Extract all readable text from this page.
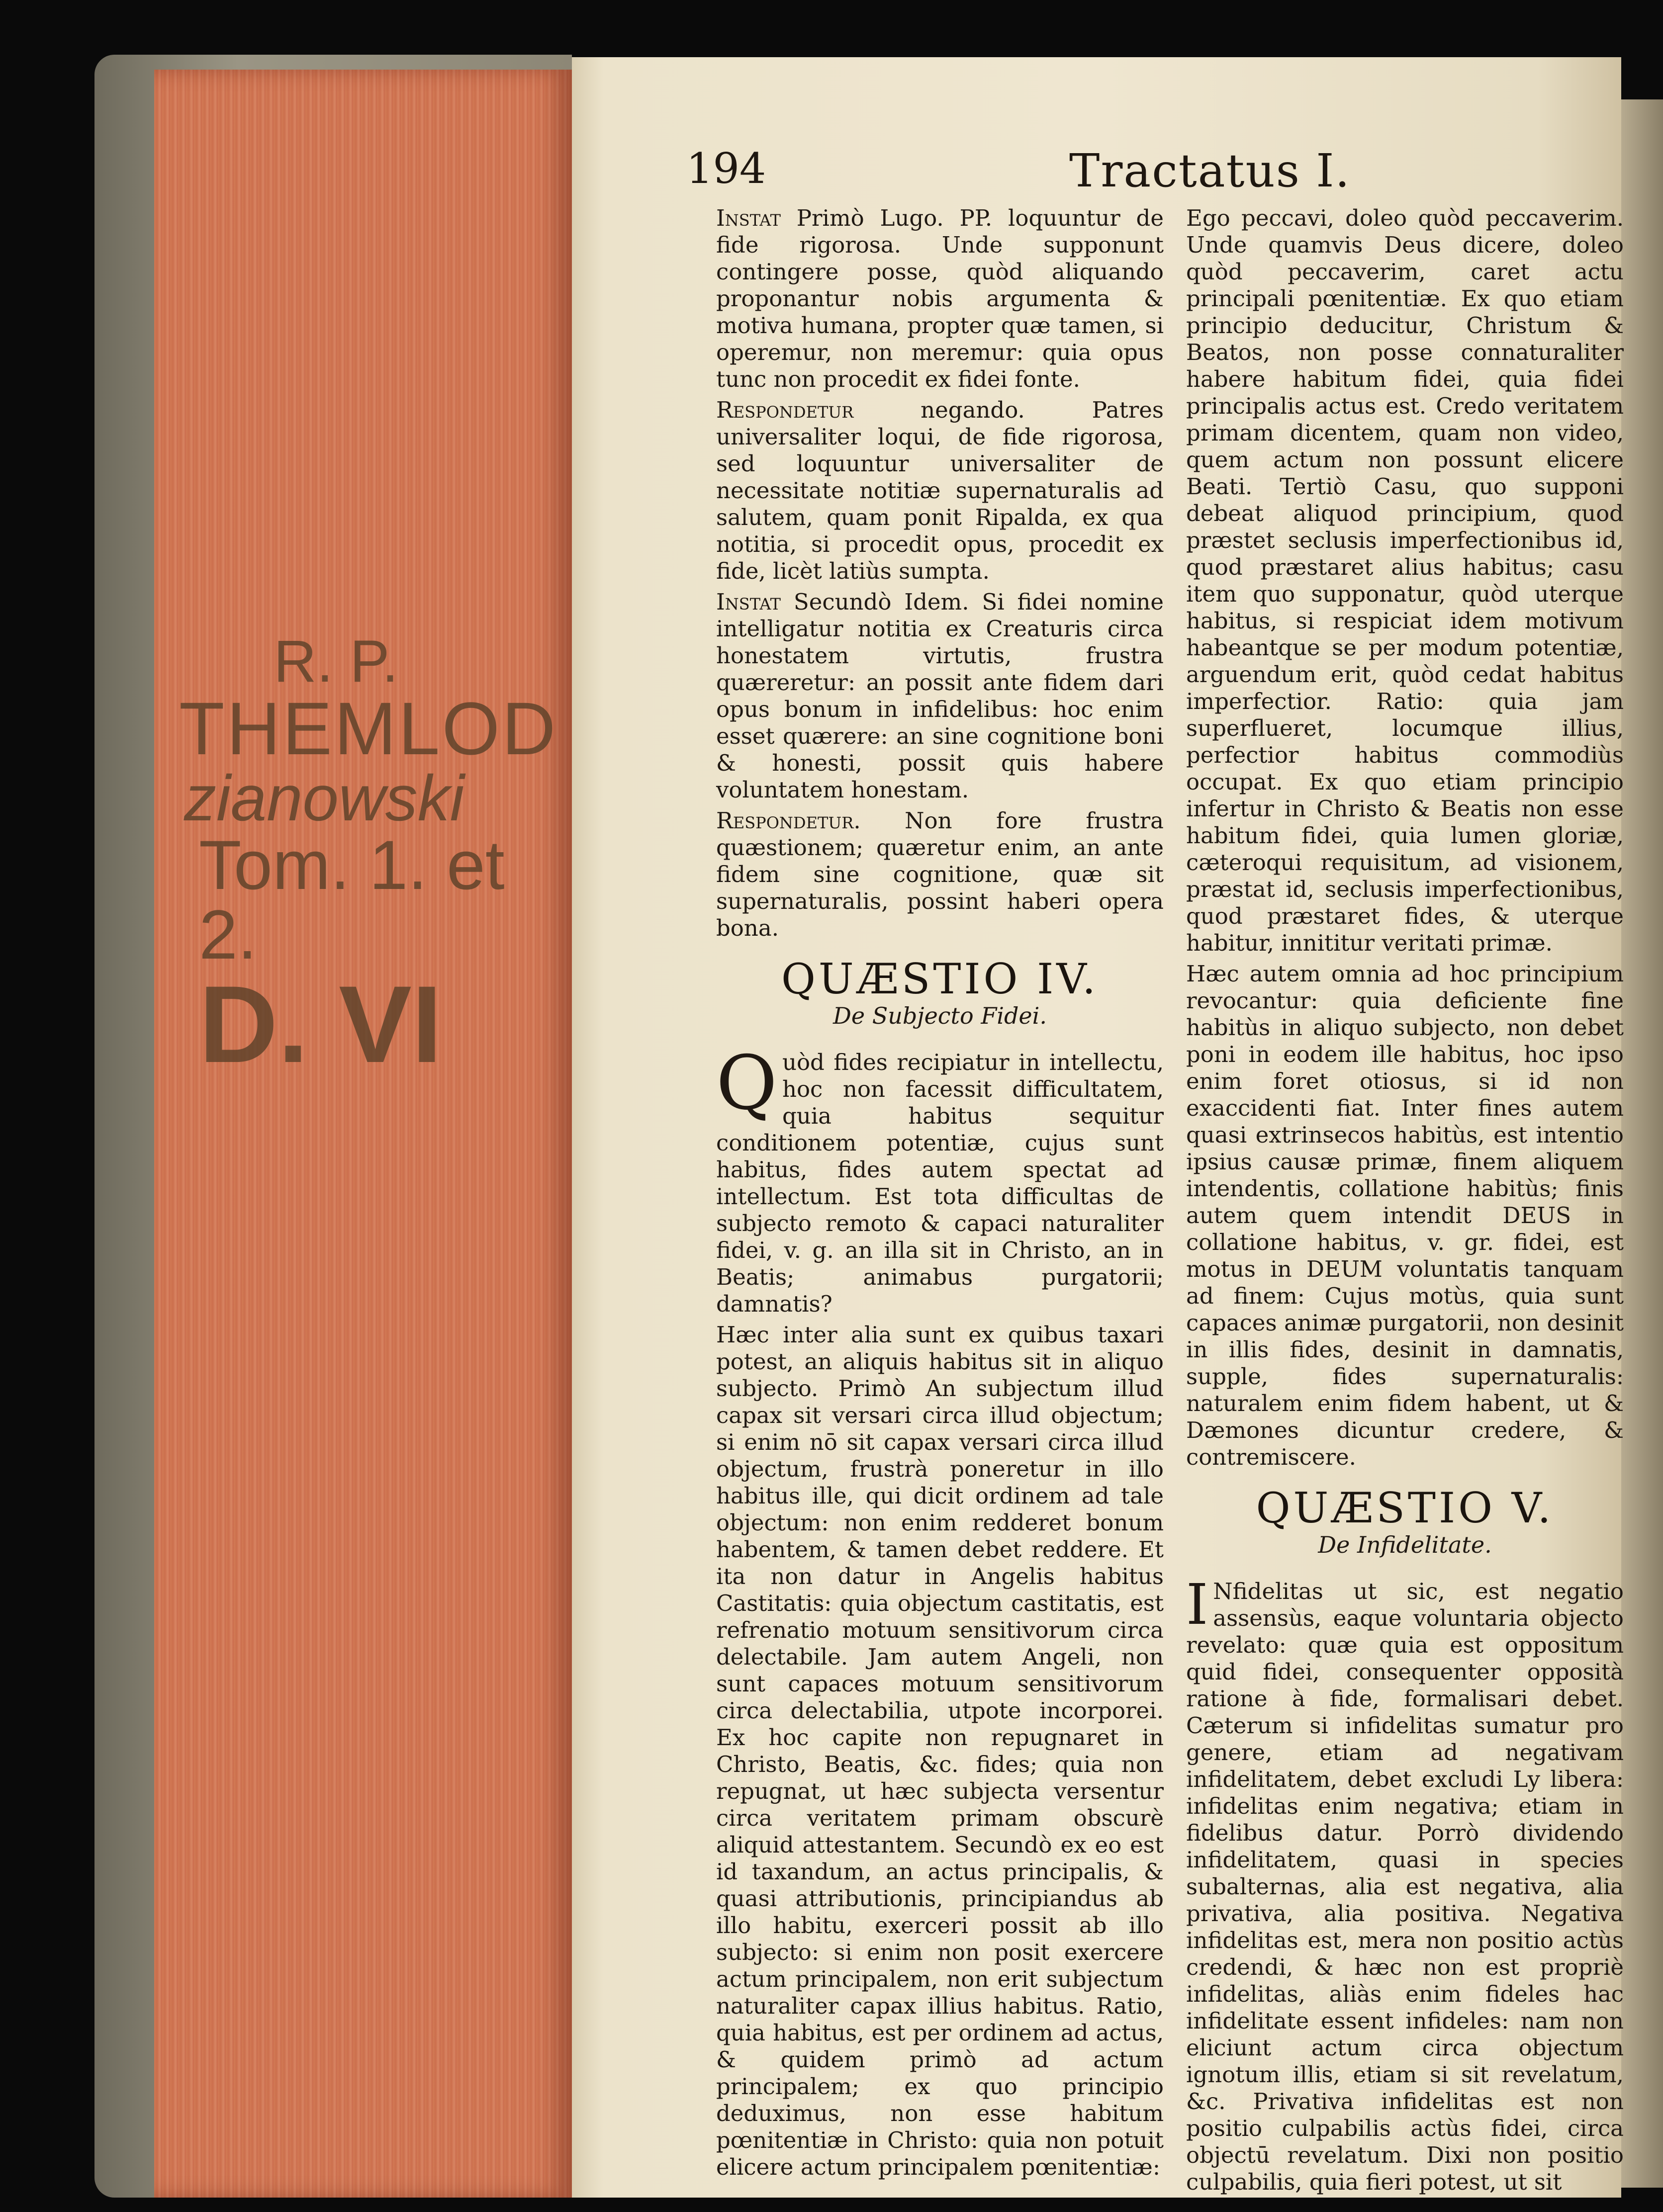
R. P.
THEMLOD
zianowski
Tom. 1. et 2.
D. VI
194	Tractatus I.

Instat Primò Lugo. PP. loquuntur de fide rigorosa. Unde supponunt contingere posse, quòd aliquando proponantur nobis argumenta & motiva humana, propter quæ tamen, si operemur, non meremur: quia opus tunc non procedit ex fidei fonte.

Respondetur	negando. Patres universaliter loqui, de fide rigorosa, sed loquuntur universaliter de necessitate notitiæ supernaturalis ad salutem, quam ponit Ripalda, ex qua notitia, si procedit opus, procedit ex fide, licèt latiùs sumpta.

Instat Secundò Idem. Si fidei nomine intelligatur notitia ex Creaturis circa honestatem virtutis, frustra quæreretur: an possit ante fidem dari opus bonum in infidelibus: hoc enim esset quærere: an sine cognitione boni & honesti, possit quis habere voluntatem honestam.

Respondetur. Non fore frustra quæstionem; quæretur enim, an ante fidem sine cognitione, quæ sit supernaturalis, possint haberi opera bona.

QUÆSTIO IV.
De Subjecto Fidei.

Quòd fides recipiatur in intellectu, hoc non facessit difficultatem, quia habitus sequitur conditionem potentiæ, cujus sunt habitus, fides autem spectat ad intellectum. Est tota difficultas de subjecto remoto & capaci naturaliter fidei, v. g. an illa sit in Christo, an in Beatis; animabus purgatorii; damnatis?

Hæc inter alia sunt ex quibus taxari potest, an aliquis habitus sit in aliquo subjecto. Primò An subjectum illud capax sit versari circa illud objectum; si enim nō sit capax versari circa illud objectum, frustrà poneretur in illo habitus ille, qui dicit ordinem ad tale objectum: non enim redderet bonum habentem, & tamen debet reddere. Et ita non datur in Angelis habitus Castitatis: quia objectum castitatis, est refrenatio motuum sensitivorum circa delectabile. Jam autem Angeli, non sunt capaces motuum sensitivorum circa delectabilia, utpote incorporei. Ex hoc capite non repugnaret in Christo, Beatis, &c. fides; quia non repugnat, ut hæc subjecta versentur circa veritatem primam obscurè aliquid attestantem. Secundò ex eo est id taxandum, an actus principalis, & quasi attributionis, principiandus ab illo habitu, exerceri possit ab illo subjecto: si enim non posit exercere actum principalem, non erit subjectum naturaliter capax illius habitus. Ratio, quia habitus, est per ordinem ad actus, & quidem primò ad actum principalem; ex quo principio deduximus, non esse habitum pœnitentiæ in Christo: quia non potuit elicere actum principalem pœnitentiæ:

Ego peccavi, doleo quòd peccaverim. Unde quamvis Deus dicere, doleo quòd peccaverim, caret actu principali pœnitentiæ. Ex quo etiam principio deducitur, Christum & Beatos, non posse connaturaliter habere habitum fidei, quia fidei principalis actus est. Credo veritatem primam dicentem, quam non video, quem actum non possunt elicere Beati. Tertiò Casu, quo supponi debeat aliquod principium, quod præstet seclusis imperfectionibus id, quod præstaret alius habitus; casu item quo supponatur, quòd uterque habitus, si respiciat idem motivum habeantque se per modum potentiæ, arguendum erit, quòd cedat habitus imperfectior. Ratio: quia jam superflueret, locumque illius, perfectior habitus commodiùs occupat. Ex quo etiam principio infertur in Christo & Beatis non esse habitum fidei, quia lumen gloriæ, cæteroqui requisitum, ad visionem, præstat id, seclusis imperfectionibus, quod præstaret fides, & uterque habitur, innititur veritati primæ.

Hæc autem omnia ad hoc principium revocantur: quia deficiente fine habitùs in aliquo subjecto, non debet poni in eodem ille habitus, hoc ipso enim foret otiosus, si id non exaccidenti fiat. Inter fines autem quasi extrinsecos habitùs, est intentio ipsius causæ primæ, finem aliquem intendentis, collatione habitùs; finis autem quem intendit DEUS in collatione habitus, v. gr. fidei, est motus in DEUM voluntatis tanquam ad finem: Cujus motùs, quia sunt capaces animæ purgatorii, non desinit in illis fides, desinit in damnatis, supple, fides supernaturalis: naturalem enim fidem habent, ut & Dæmones dicuntur credere, & contremiscere.

QUÆSTIO V.
De Infidelitate.

I Nfidelitas ut sic, est negatio assensùs, eaque voluntaria objecto revelato: quæ quia est oppositum quid fidei, consequenter opposità ratione à fide, formalisari debet. Cæterum si infidelitas sumatur pro genere, etiam ad negativam infidelitatem, debet excludi Ly libera: infidelitas enim negativa; etiam in fidelibus datur. Porrò dividendo infidelitatem, quasi in species subalternas, alia est negativa, alia privativa, alia positiva. Negativa infidelitas est, mera non positio actùs credendi, & hæc non est propriè infidelitas, aliàs enim fideles hac infidelitate essent infideles: nam non eliciunt actum circa objectum ignotum illis, etiam si sit revelatum, &c. Privativa infidelitas est non positio culpabilis actùs fidei, circa objectū revelatum. Dixi non positio culpabilis, quia fieri potest, ut sit
